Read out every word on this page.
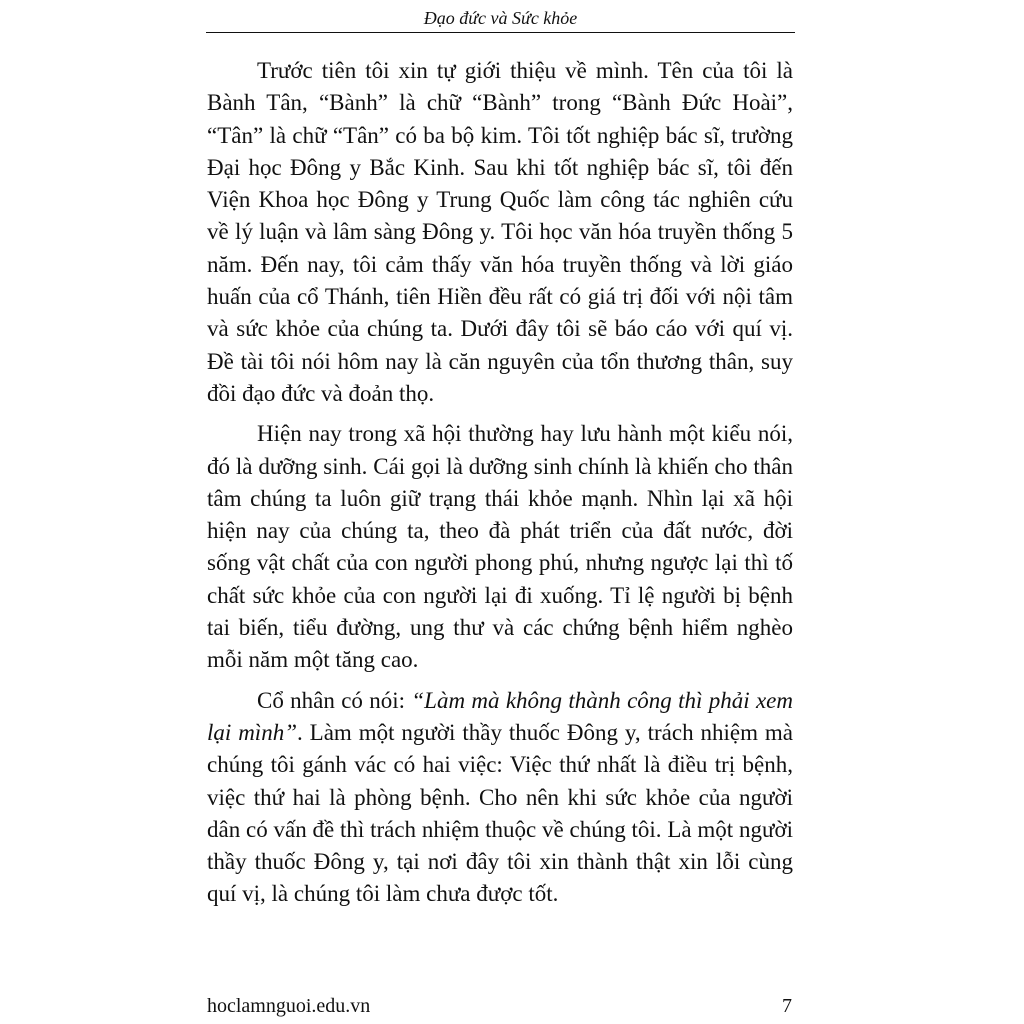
Đạo đức và Sức khỏe

Trước tiên tôi xin tự giới thiệu về mình. Tên của tôi là Bành Tân, “Bành” là chữ “Bành” trong “Bành Đức Hoài”, “Tân” là chữ “Tân” có ba bộ kim. Tôi tốt nghiệp bác sĩ, trường Đại học Đông y Bắc Kinh. Sau khi tốt nghiệp bác sĩ, tôi đến Viện Khoa học Đông y Trung Quốc làm công tác nghiên cứu về lý luận và lâm sàng Đông y. Tôi học văn hóa truyền thống 5 năm. Đến nay, tôi cảm thấy văn hóa truyền thống và lời giáo huấn của cổ Thánh, tiên Hiền đều rất có giá trị đối với nội tâm và sức khỏe của chúng ta. Dưới đây tôi sẽ báo cáo với quí vị. Đề tài tôi nói hôm nay là căn nguyên của tổn thương thân, suy đồi đạo đức và đoản thọ.

Hiện nay trong xã hội thường hay lưu hành một kiểu nói, đó là dưỡng sinh. Cái gọi là dưỡng sinh chính là khiến cho thân tâm chúng ta luôn giữ trạng thái khỏe mạnh. Nhìn lại xã hội hiện nay của chúng ta, theo đà phát triển của đất nước, đời sống vật chất của con người phong phú, nhưng ngược lại thì tố chất sức khỏe của con người lại đi xuống. Tỉ lệ người bị bệnh tai biến, tiểu đường, ung thư và các chứng bệnh hiểm nghèo mỗi năm một tăng cao.

Cổ nhân có nói: “Làm mà không thành công thì phải xem lại mình”. Làm một người thầy thuốc Đông y, trách nhiệm mà chúng tôi gánh vác có hai việc: Việc thứ nhất là điều trị bệnh, việc thứ hai là phòng bệnh. Cho nên khi sức khỏe của người dân có vấn đề thì trách nhiệm thuộc về chúng tôi. Là một người thầy thuốc Đông y, tại nơi đây tôi xin thành thật xin lỗi cùng quí vị, là chúng tôi làm chưa được tốt.

hoclamnguoi.edu.vn	7
